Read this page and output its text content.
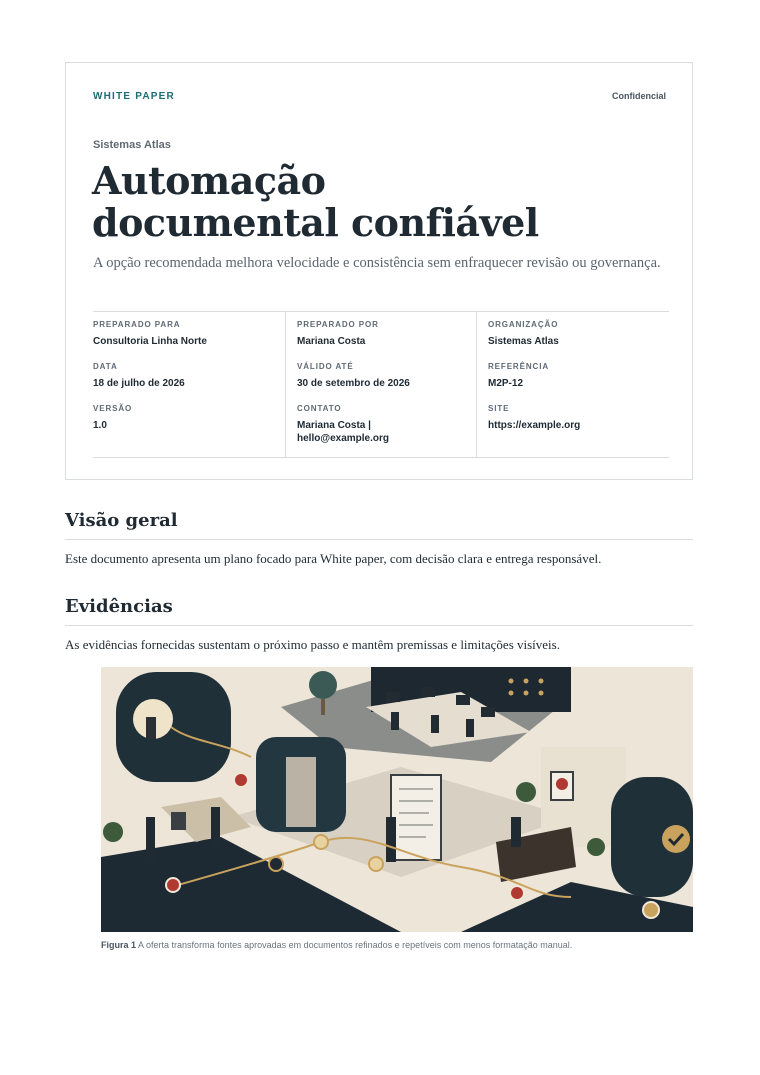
WHITE PAPER	Confidencial
Sistemas Atlas
Automação
documental confiável

A opção recomendada melhora velocidade e consistência sem enfraquecer revisão ou governança.

PREPARADO PARA
Consultoria Linha Norte
DATA
18 de julho de 2026
VERSÃO
1.0
PREPARADO POR
Mariana Costa
VÁLIDO ATÉ
30 de setembro de 2026
CONTATO
Mariana Costa | hello@example.org
ORGANIZAÇÃO
Sistemas Atlas
REFERÊNCIA
M2P-12
SITE
https://example.org
Visão geral

Este documento apresenta um plano focado para White paper, com decisão clara e entrega responsável.

Evidências

As evidências fornecidas sustentam o próximo passo e mantêm premissas e limitações visíveis.

Figura 1 A oferta transforma fontes aprovadas em documentos refinados e repetíveis com menos formatação manual.
